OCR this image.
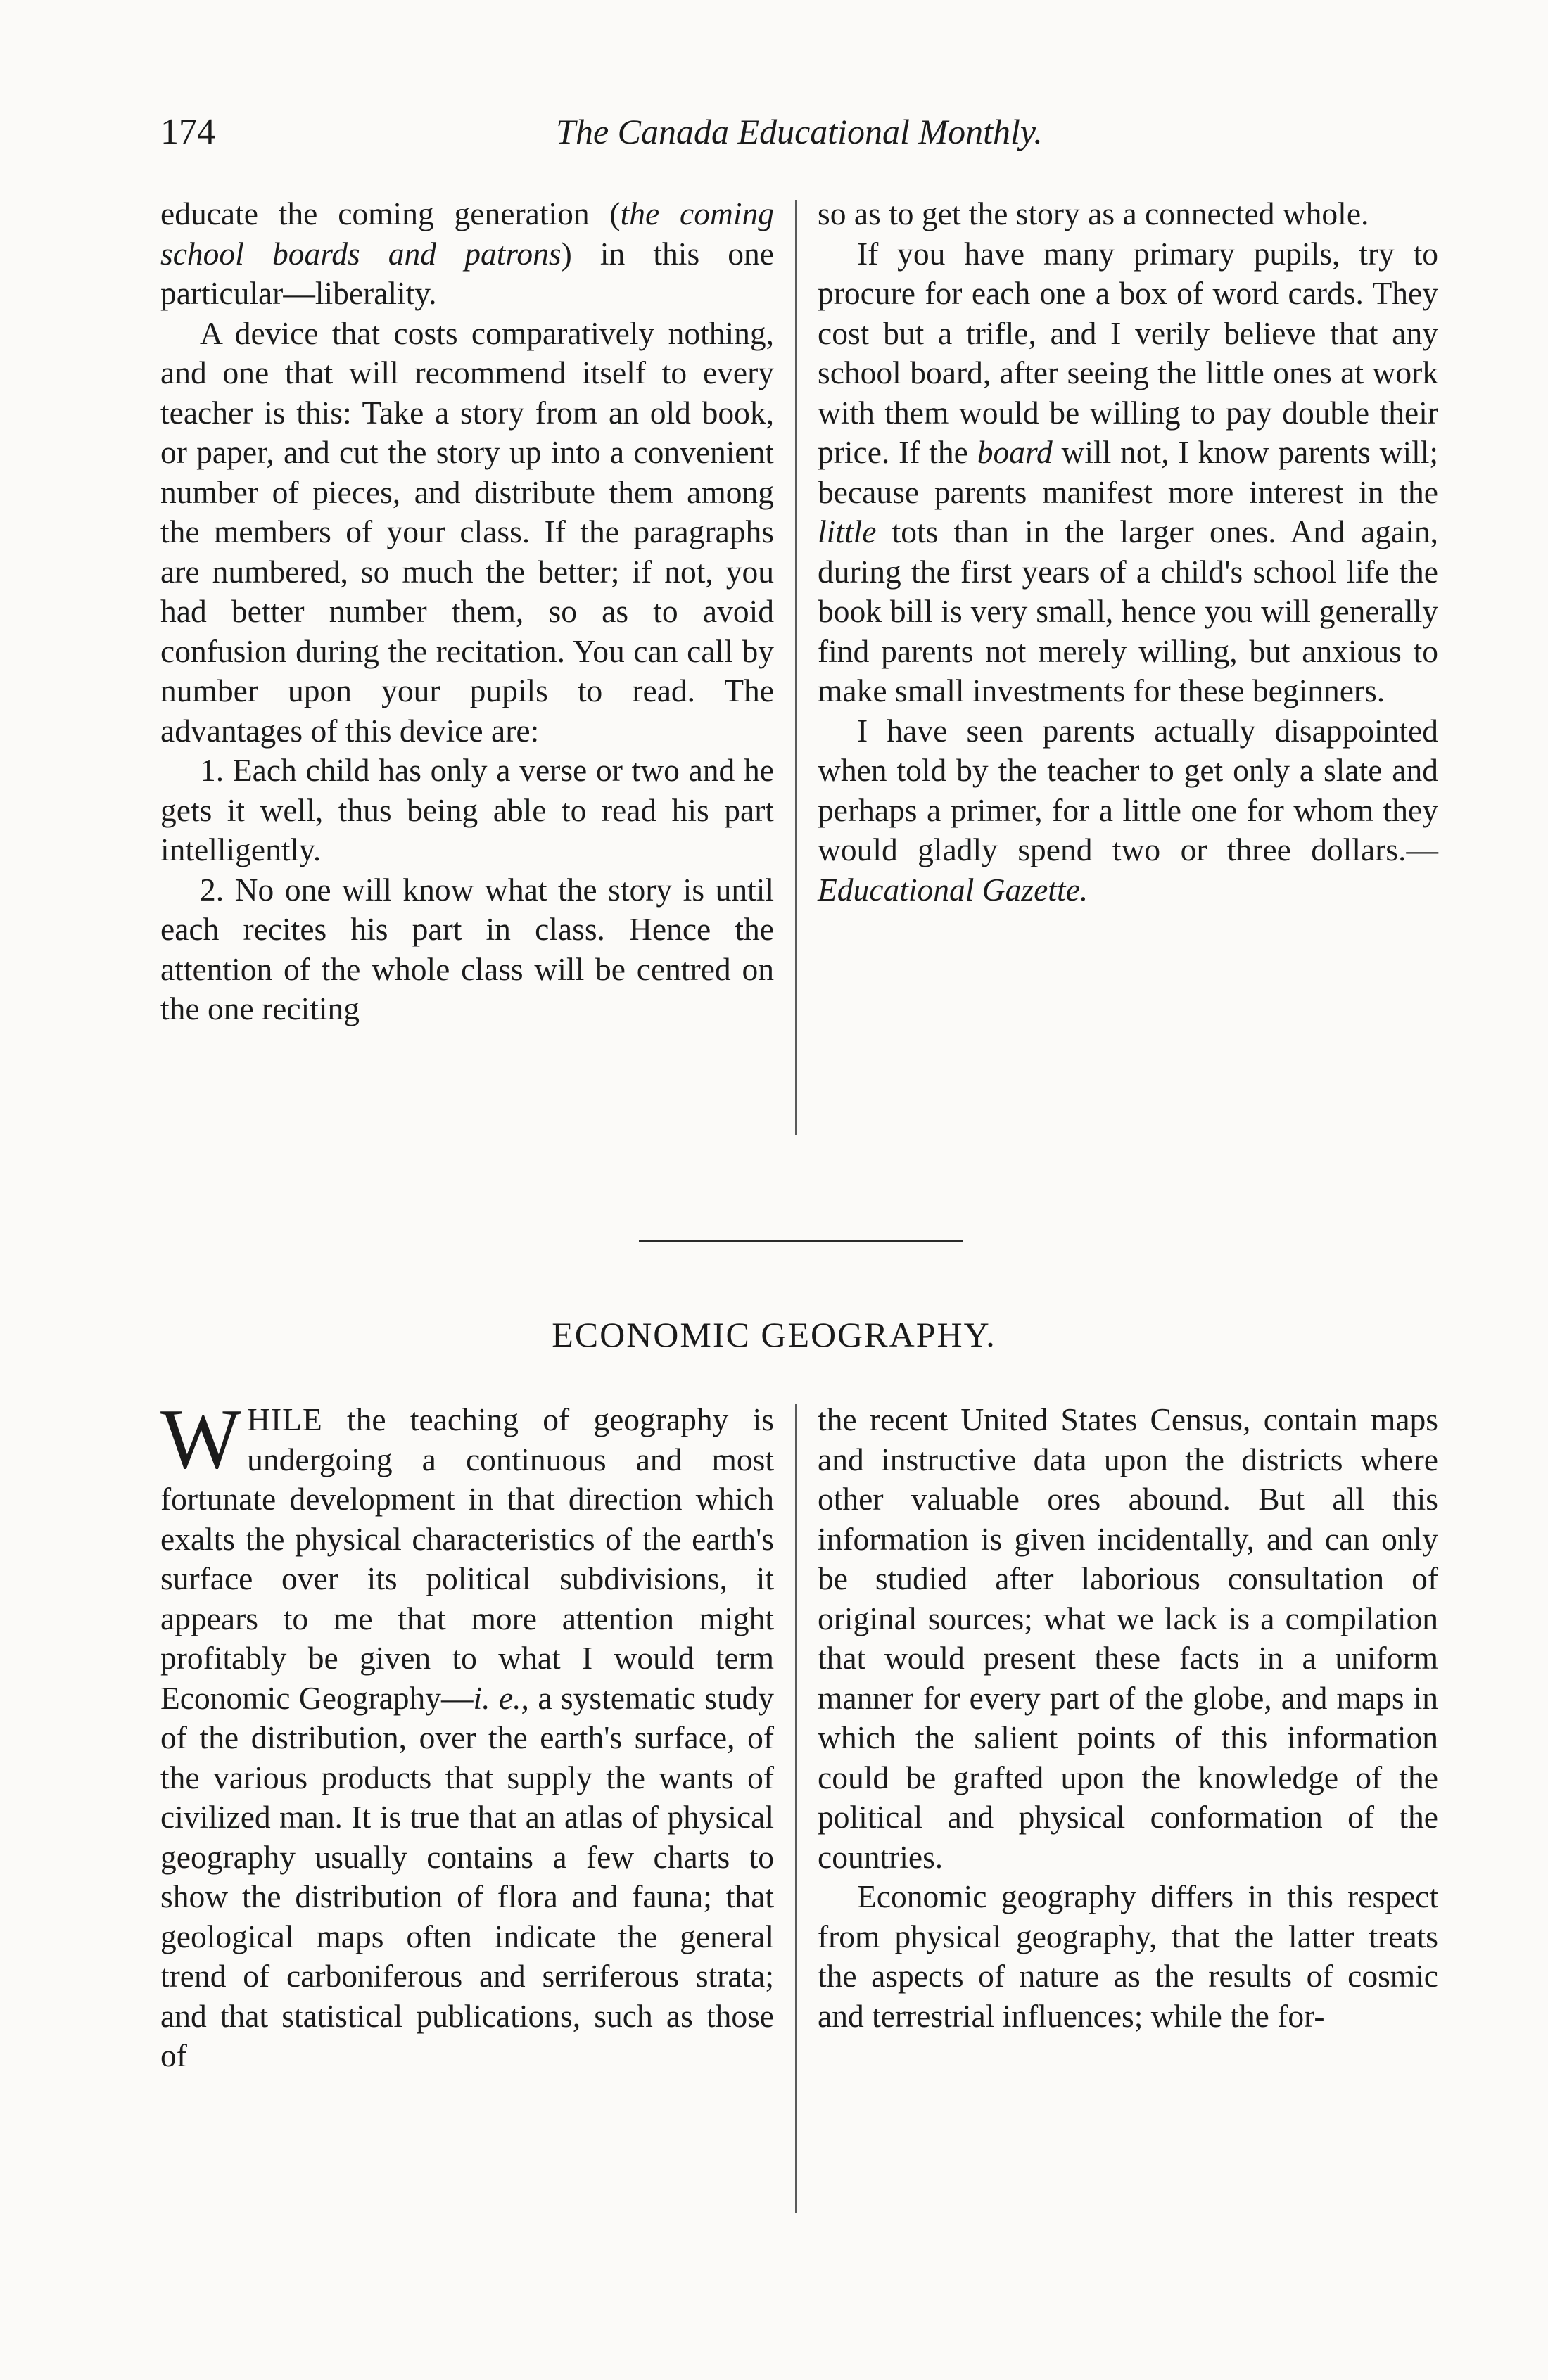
174	The Canada Educational Monthly.

educate the coming generation (the coming school boards and patrons) in this one particular—liberality.

A device that costs comparatively nothing, and one that will recommend itself to every teacher is this: Take a story from an old book, or paper, and cut the story up into a convenient number of pieces, and distribute them among the members of your class. If the paragraphs are numbered, so much the better; if not, you had better number them, so as to avoid confusion during the recitation. You can call by number upon your pupils to read. The advantages of this device are:

1. Each child has only a verse or two and he gets it well, thus being able to read his part intelligently.

2. No one will know what the story is until each recites his part in class. Hence the attention of the whole class will be centred on the one reciting

so as to get the story as a connected whole.

If you have many primary pupils, try to procure for each one a box of word cards. They cost but a trifle, and I verily believe that any school board, after seeing the little ones at work with them would be willing to pay double their price. If the board will not, I know parents will; because parents manifest more interest in the little tots than in the larger ones. And again, during the first years of a child's school life the book bill is very small, hence you will generally find parents not merely willing, but anxious to make small investments for these beginners.

I have seen parents actually disappointed when told by the teacher to get only a slate and perhaps a primer, for a little one for whom they would gladly spend two or three dollars.—Educational Gazette.

ECONOMIC GEOGRAPHY.

WHILE the teaching of geography is undergoing a continuous and most fortunate development in that direction which exalts the physical characteristics of the earth's surface over its political subdivisions, it appears to me that more attention might profitably be given to what I would term Economic Geography—i. e., a systematic study of the distribution, over the earth's surface, of the various products that supply the wants of civilized man. It is true that an atlas of physical geography usually contains a few charts to show the distribution of flora and fauna; that geological maps often indicate the general trend of carboniferous and serriferous strata; and that statistical publications, such as those of

the recent United States Census, contain maps and instructive data upon the districts where other valuable ores abound. But all this information is given incidentally, and can only be studied after laborious consultation of original sources; what we lack is a compilation that would present these facts in a uniform manner for every part of the globe, and maps in which the salient points of this information could be grafted upon the knowledge of the political and physical conformation of the countries.

Economic geography differs in this respect from physical geography, that the latter treats the aspects of nature as the results of cosmic and terrestrial influences; while the for-
